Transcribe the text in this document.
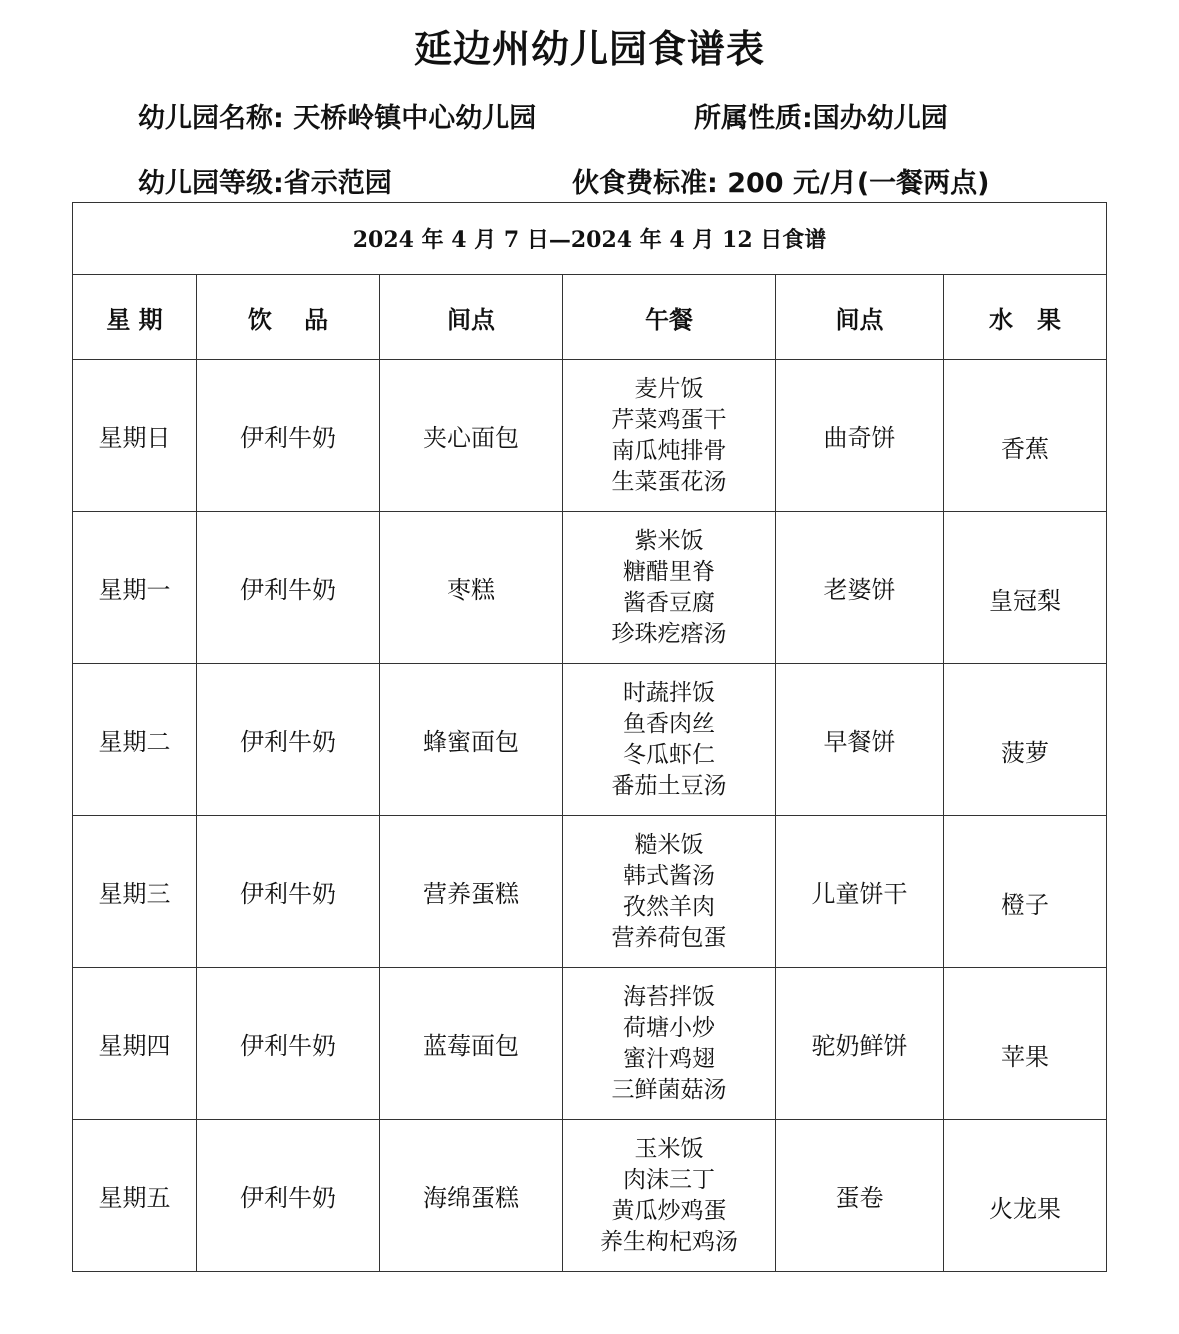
延边州幼儿园食谱表
幼儿园名称: 天桥岭镇中心幼儿园	所属性质:国办幼儿园
幼儿园等级:省示范园	伙食费标准: 200 元/月(一餐两点)
2024 年 4 月 7 日—2024 年 4 月 12 日食谱					
星 期	饮　 品	间点	午餐	间点	水　果
星期日	伊利牛奶	夹心面包	麦片饭
芹菜鸡蛋干
南瓜炖排骨
生菜蛋花汤	曲奇饼	香蕉
星期一	伊利牛奶	枣糕	紫米饭
糖醋里脊
酱香豆腐
珍珠疙瘩汤	老婆饼	皇冠梨
星期二	伊利牛奶	蜂蜜面包	时蔬拌饭
鱼香肉丝
冬瓜虾仁
番茄土豆汤	早餐饼	菠萝
星期三	伊利牛奶	营养蛋糕	糙米饭
韩式酱汤
孜然羊肉
营养荷包蛋	儿童饼干	橙子
星期四	伊利牛奶	蓝莓面包	海苔拌饭
荷塘小炒
蜜汁鸡翅
三鲜菌菇汤	驼奶鲜饼	苹果
星期五	伊利牛奶	海绵蛋糕	玉米饭
肉沫三丁
黄瓜炒鸡蛋
养生枸杞鸡汤	蛋卷	火龙果
